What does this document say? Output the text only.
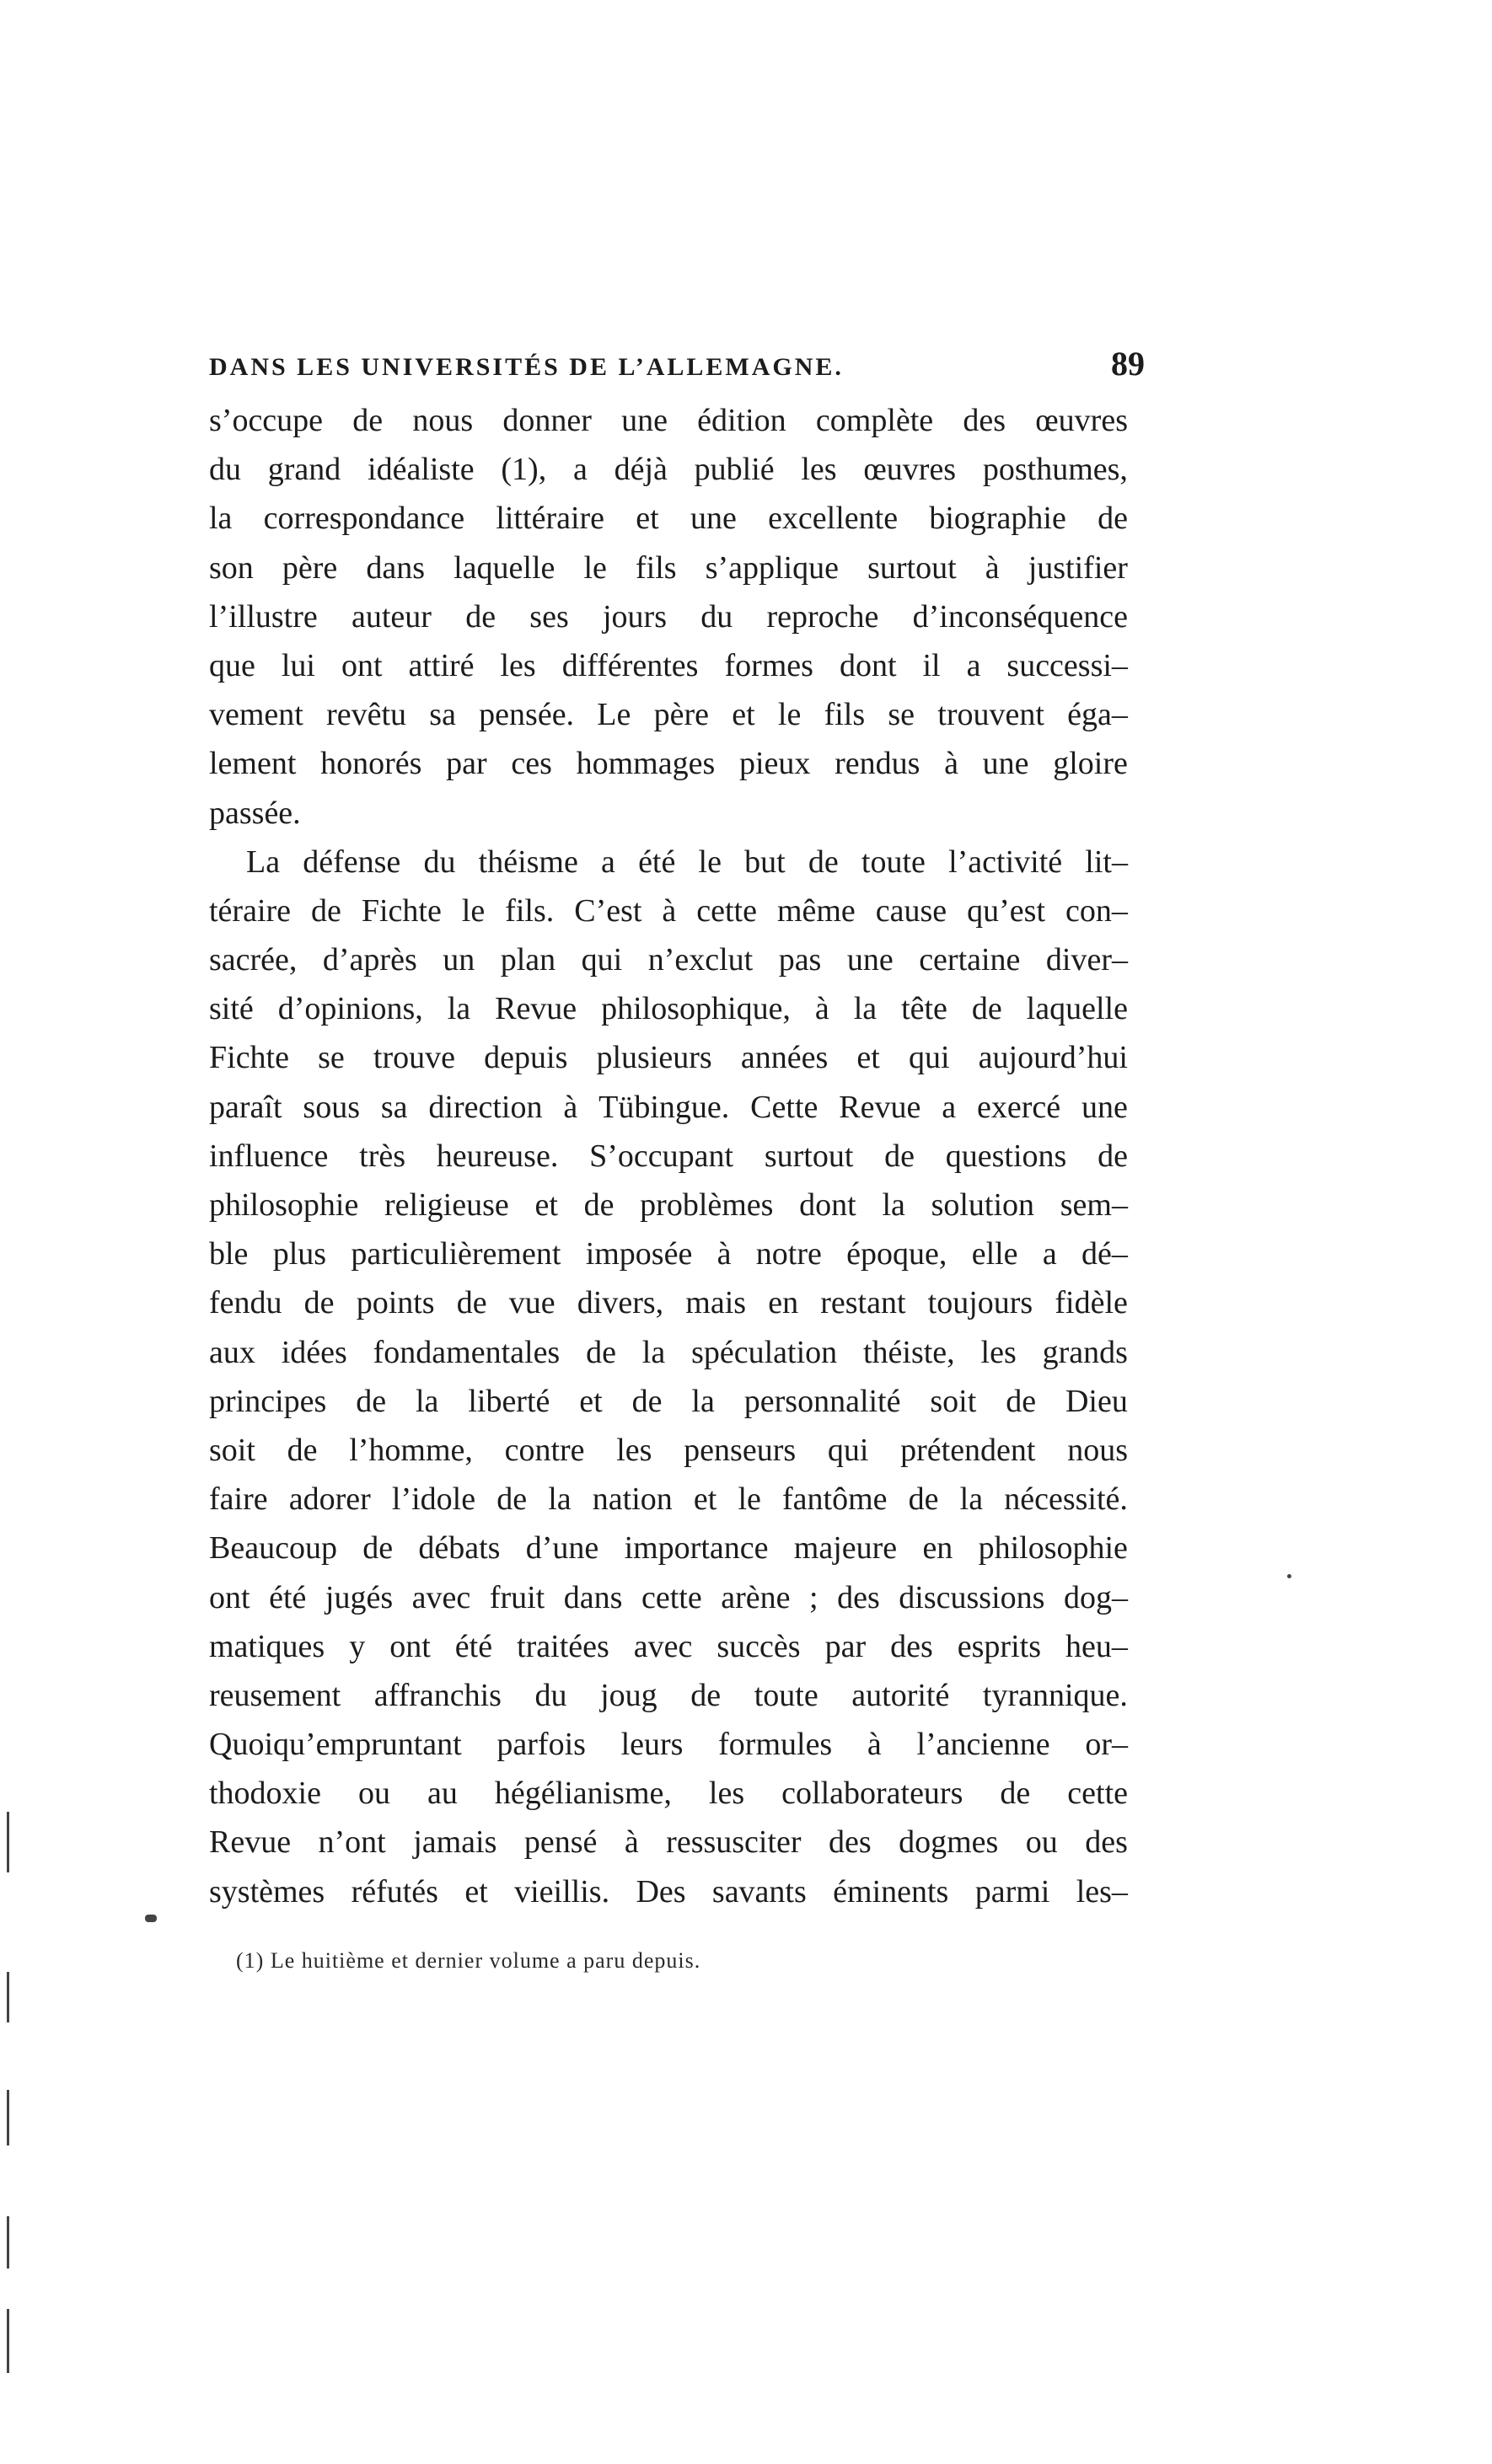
DANS LES UNIVERSITÉS DE L’ALLEMAGNE.	89
s’occupe de nous donner une édition complète des œuvres
du grand idéaliste (1), a déjà publié les œuvres posthumes,
la correspondance littéraire et une excellente biographie de
son père dans laquelle le fils s’applique surtout à justifier
l’illustre auteur de ses jours du reproche d’inconséquence
que lui ont attiré les différentes formes dont il a successi–
vement revêtu sa pensée. Le père et le fils se trouvent éga–
lement honorés par ces hommages pieux rendus à une gloire
passée.
La défense du théisme a été le but de toute l’activité lit–
téraire de Fichte le fils. C’est à cette même cause qu’est con–
sacrée, d’après un plan qui n’exclut pas une certaine diver–
sité d’opinions, la Revue philosophique, à la tête de laquelle
Fichte se trouve depuis plusieurs années et qui aujourd’hui
paraît sous sa direction à Tübingue. Cette Revue a exercé une
influence très heureuse. S’occupant surtout de questions de
philosophie religieuse et de problèmes dont la solution sem–
ble plus particulièrement imposée à notre époque, elle a dé–
fendu de points de vue divers, mais en restant toujours fidèle
aux idées fondamentales de la spéculation théiste, les grands
principes de la liberté et de la personnalité soit de Dieu
soit de l’homme, contre les penseurs qui prétendent nous
faire adorer l’idole de la nation et le fantôme de la nécessité.
Beaucoup de débats d’une importance majeure en philosophie
ont été jugés avec fruit dans cette arène ; des discussions dog–
matiques y ont été traitées avec succès par des esprits heu–
reusement affranchis du joug de toute autorité tyrannique.
Quoiqu’empruntant parfois leurs formules à l’ancienne or–
thodoxie ou au hégélianisme, les collaborateurs de cette
Revue n’ont jamais pensé à ressusciter des dogmes ou des
systèmes réfutés et vieillis. Des savants éminents parmi les–
(1) Le huitième et dernier volume a paru depuis.
